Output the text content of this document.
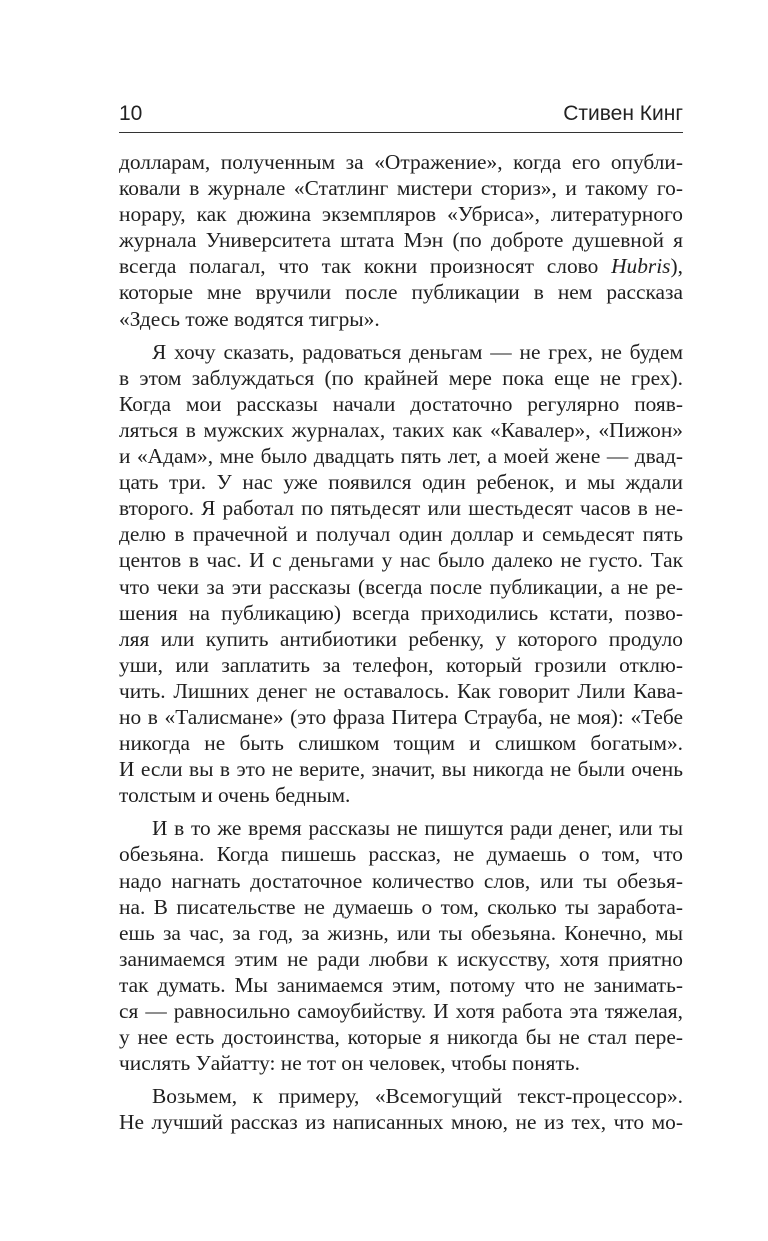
10	Стивен Кинг
долларам, полученным за «Отражение», когда его опубли-
ковали в журнале «Статлинг мистери сториз», и такому го-
норару, как дюжина экземпляров «Убриса», литературного
журнала Университета штата Мэн (по доброте душевной я
всегда полагал, что так кокни произносят слово Hubris),
которые мне вручили после публикации в нем рассказа
«Здесь тоже водятся тигры».
Я хочу сказать, радоваться деньгам — не грех, не будем
в этом заблуждаться (по крайней мере пока еще не грех).
Когда мои рассказы начали достаточно регулярно появ-
ляться в мужских журналах, таких как «Кавалер», «Пижон»
и «Адам», мне было двадцать пять лет, а моей жене — двад-
цать три. У нас уже появился один ребенок, и мы ждали
второго. Я работал по пятьдесят или шестьдесят часов в не-
делю в прачечной и получал один доллар и семьдесят пять
центов в час. И с деньгами у нас было далеко не густо. Так
что чеки за эти рассказы (всегда после публикации, а не ре-
шения на публикацию) всегда приходились кстати, позво-
ляя или купить антибиотики ребенку, у которого продуло
уши, или заплатить за телефон, который грозили отклю-
чить. Лишних денег не оставалось. Как говорит Лили Кава-
но в «Талисмане» (это фраза Питера Страуба, не моя): «Тебе
никогда не быть слишком тощим и слишком богатым».
И если вы в это не верите, значит, вы никогда не были очень
толстым и очень бедным.
И в то же время рассказы не пишутся ради денег, или ты
обезьяна. Когда пишешь рассказ, не думаешь о том, что
надо нагнать достаточное количество слов, или ты обезья-
на. В писательстве не думаешь о том, сколько ты заработа-
ешь за час, за год, за жизнь, или ты обезьяна. Конечно, мы
занимаемся этим не ради любви к искусству, хотя приятно
так думать. Мы занимаемся этим, потому что не занимать-
ся — равносильно самоубийству. И хотя работа эта тяжелая,
у нее есть достоинства, которые я никогда бы не стал пере-
числять Уайатту: не тот он человек, чтобы понять.
Возьмем, к примеру, «Всемогущий текст-процессор».
Не лучший рассказ из написанных мною, не из тех, что мо-
